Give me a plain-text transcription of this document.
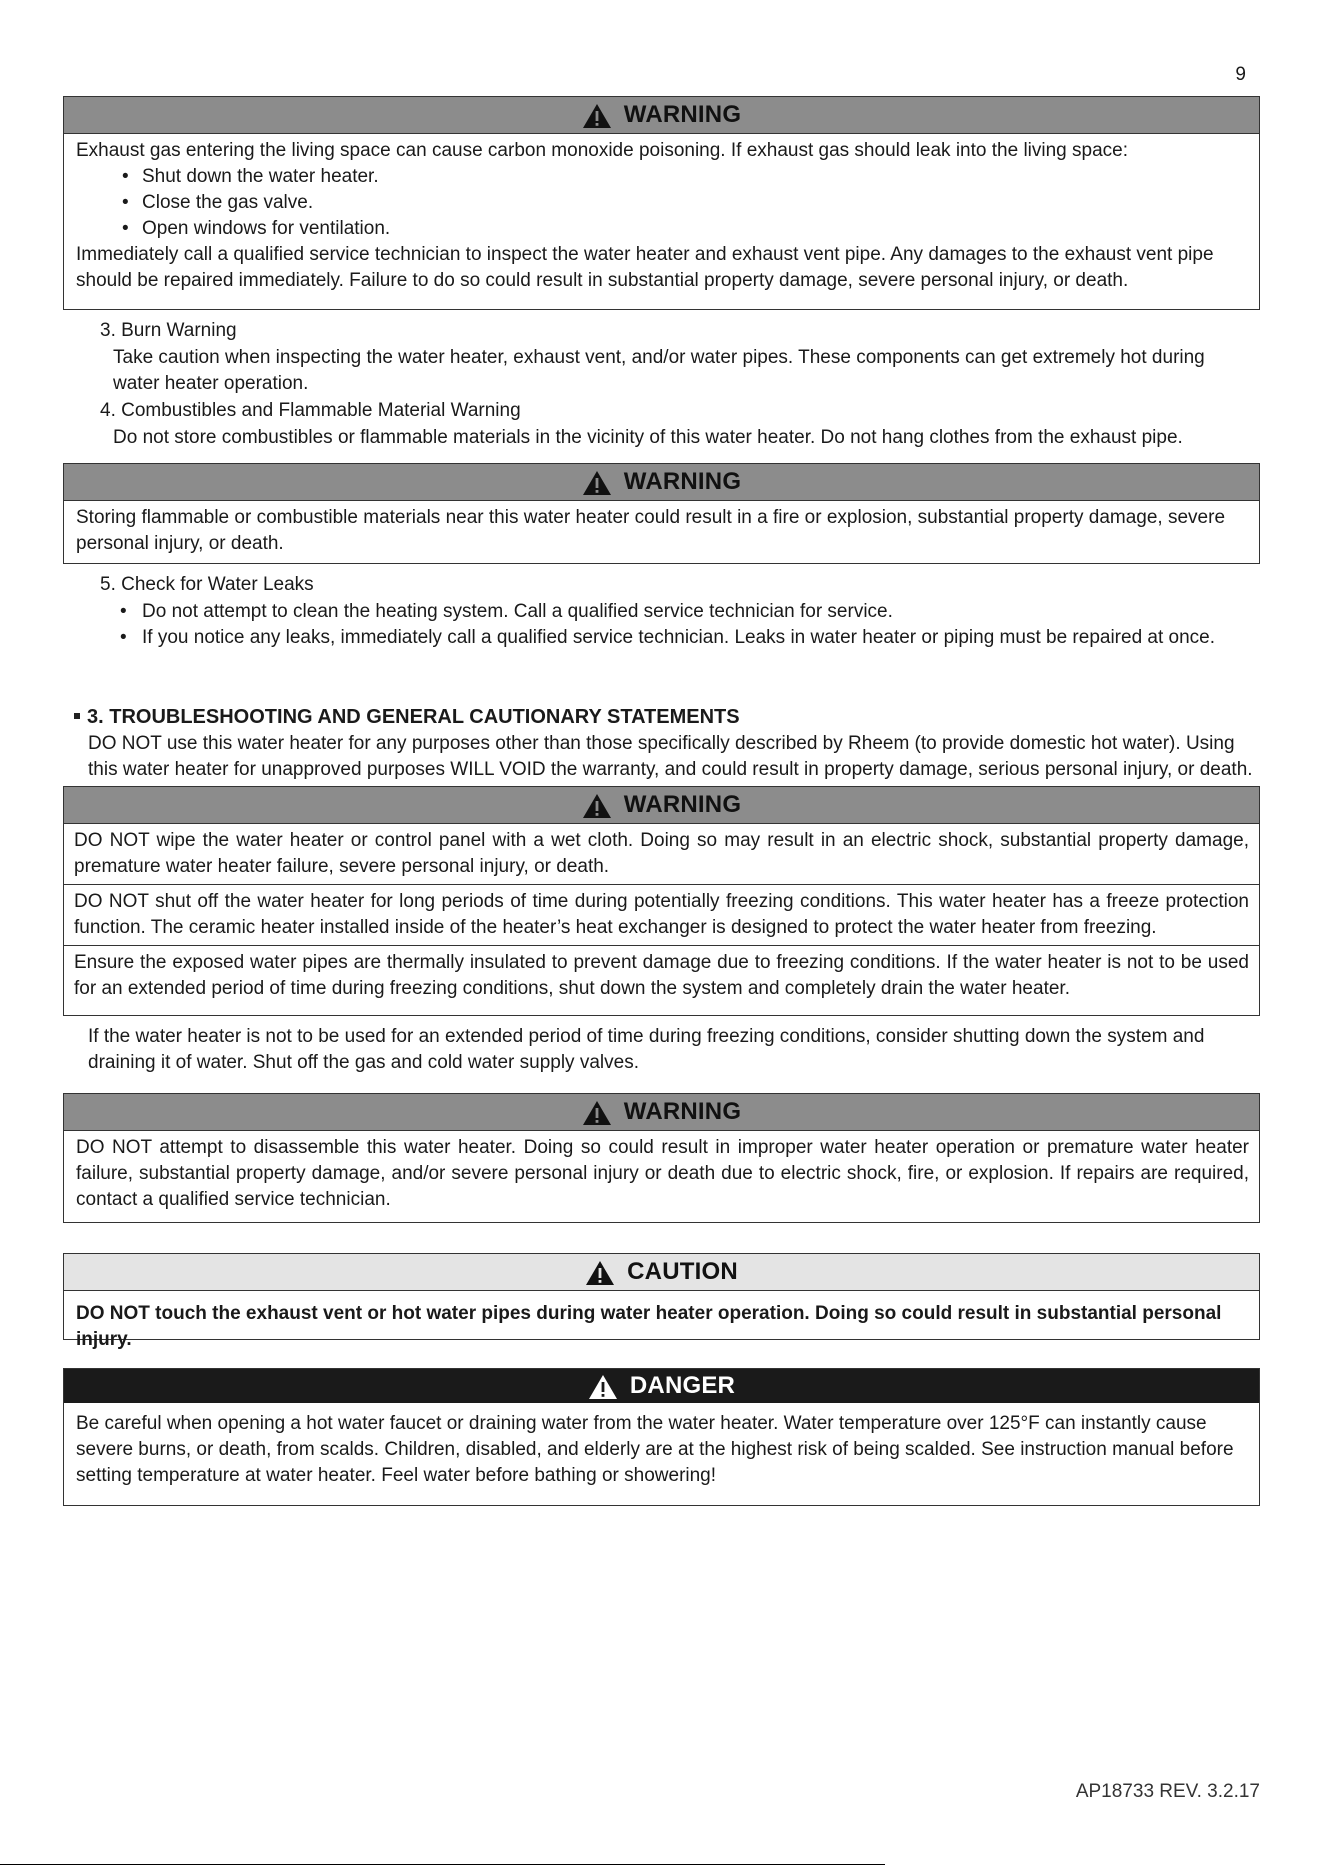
9
WARNING

Exhaust gas entering the living space can cause carbon monoxide poisoning. If exhaust gas should leak into the living space:

• Shut down the water heater.
• Close the gas valve.
• Open windows for ventilation.

Immediately call a qualified service technician to inspect the water heater and exhaust vent pipe. Any damages to the exhaust vent pipe should be repaired immediately. Failure to do so could result in substantial property damage, severe personal injury, or death.

3. Burn Warning
Take caution when inspecting the water heater, exhaust vent, and/or water pipes. These components can get extremely hot during water heater operation.
4. Combustibles and Flammable Material Warning
Do not store combustibles or flammable materials in the vicinity of this water heater. Do not hang clothes from the exhaust pipe.
WARNING

Storing flammable or combustible materials near this water heater could result in a fire or explosion, substantial property damage, severe personal injury, or death.

5. Check for Water Leaks
• Do not attempt to clean the heating system. Call a qualified service technician for service.
• If you notice any leaks, immediately call a qualified service technician. Leaks in water heater or piping must be repaired at once.
3. TROUBLESHOOTING AND GENERAL CAUTIONARY STATEMENTS
DO NOT use this water heater for any purposes other than those specifically described by Rheem (to provide domestic hot water). Using this water heater for unapproved purposes WILL VOID the warranty, and could result in property damage, serious personal injury, or death.
WARNING
DO NOT wipe the water heater or control panel with a wet cloth. Doing so may result in an electric shock, substantial property damage, premature water heater failure, severe personal injury, or death.
DO NOT shut off the water heater for long periods of time during potentially freezing conditions. This water heater has a freeze protection function. The ceramic heater installed inside of the heater’s heat exchanger is designed to protect the water heater from freezing.
Ensure the exposed water pipes are thermally insulated to prevent damage due to freezing conditions. If the water heater is not to be used for an extended period of time during freezing conditions, shut down the system and completely drain the water heater.
If the water heater is not to be used for an extended period of time during freezing conditions, consider shutting down the system and draining it of water. Shut off the gas and cold water supply valves.
WARNING

DO NOT attempt to disassemble this water heater. Doing so could result in improper water heater operation or premature water heater failure, substantial property damage, and/or severe personal injury or death due to electric shock, fire, or explosion. If repairs are required, contact a qualified service technician.

CAUTION

DO NOT touch the exhaust vent or hot water pipes during water heater operation. Doing so could result in substantial personal injury.

DANGER

Be careful when opening a hot water faucet or draining water from the water heater. Water temperature over 125°F can instantly cause severe burns, or death, from scalds. Children, disabled, and elderly are at the highest risk of being scalded. See instruction manual before setting temperature at water heater. Feel water before bathing or showering!

AP18733 REV. 3.2.17
